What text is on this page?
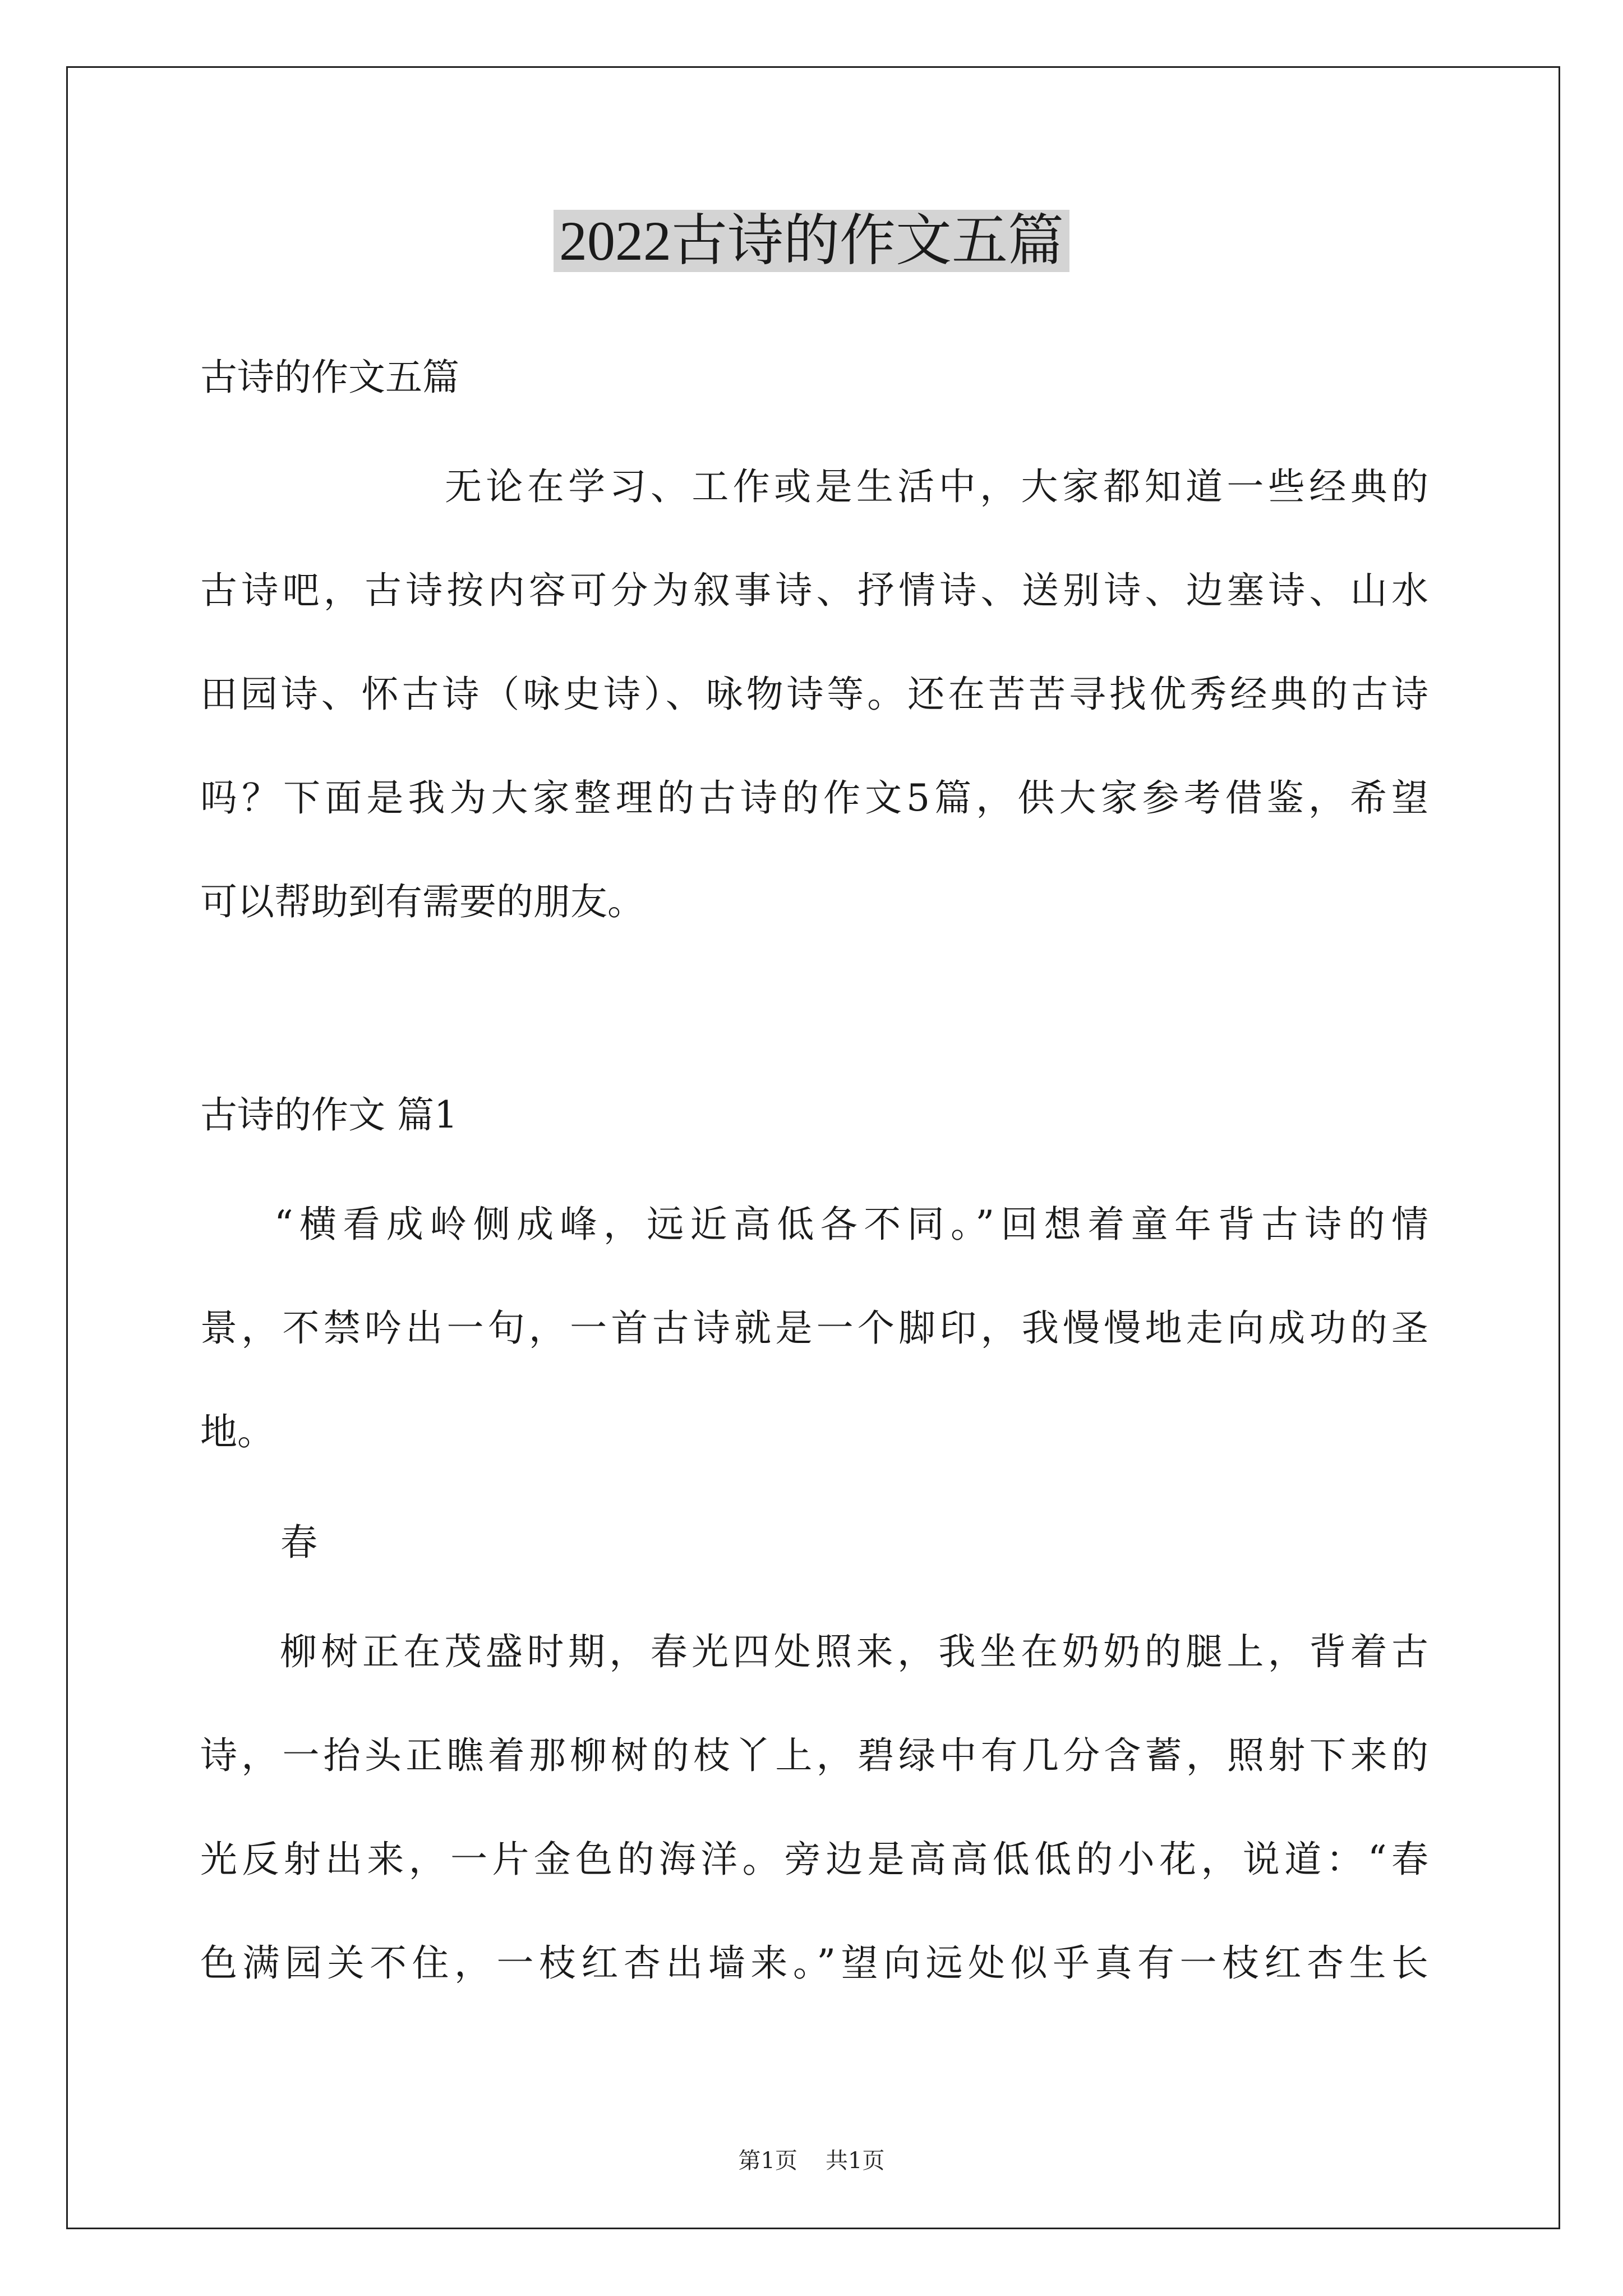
2022古诗的作文五篇
古诗的作文五篇
无论在学习、工作或是生活中，大家都知道一些经典的
古诗吧，古诗按内容可分为叙事诗、抒情诗、送别诗、边塞诗、山水
田园诗、怀古诗（咏史诗）、咏物诗等。还在苦苦寻找优秀经典的古诗
吗？下面是我为大家整理的古诗的作文5篇，供大家参考借鉴，希望
可以帮助到有需要的朋友。
古诗的作文 篇1
“横看成岭侧成峰，远近高低各不同。”回想着童年背古诗的情
景，不禁吟出一句，一首古诗就是一个脚印，我慢慢地走向成功的圣
地。
春
柳树正在茂盛时期，春光四处照来，我坐在奶奶的腿上，背着古
诗，一抬头正瞧着那柳树的枝丫上，碧绿中有几分含蓄，照射下来的
光反射出来，一片金色的海洋。旁边是高高低低的小花，说道：“春
色满园关不住，一枝红杏出墙来。”望向远处似乎真有一枝红杏生长
第1页 共1页
